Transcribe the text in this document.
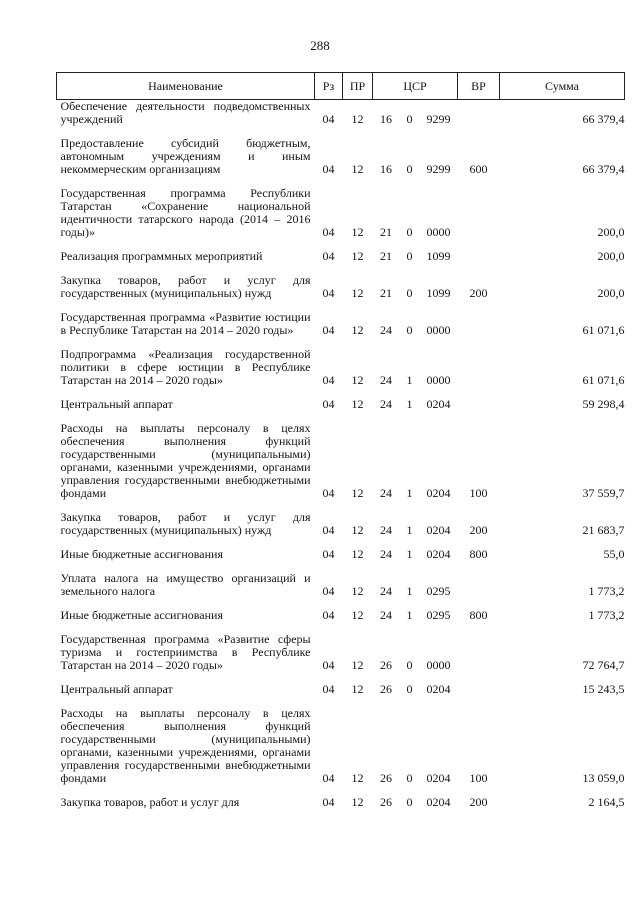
288
Наименование	Рз	ПР	ЦСР			ВР	Сумма
Обеспечение деятельности подведомственных учреждений	04	12	16	0	9299		66 379,4
Предоставление субсидий бюджетным, автономным учреждениям и иным некоммерческим организациям	04	12	16	0	9299	600	66 379,4
Государственная программа Республики Татарстан «Сохранение национальной идентичности татарского народа (2014 – 2016 годы)»	04	12	21	0	0000		200,0
Реализация программных мероприятий	04	12	21	0	1099		200,0
Закупка товаров, работ и услуг для государственных (муниципальных) нужд	04	12	21	0	1099	200	200,0
Государственная программа «Развитие юстиции в Республике Татарстан на 2014 – 2020 годы»	04	12	24	0	0000		61 071,6
Подпрограмма «Реализация государственной политики в сфере юстиции в Республике Татарстан на 2014 – 2020 годы»	04	12	24	1	0000		61 071,6
Центральный аппарат	04	12	24	1	0204		59 298,4
Расходы на выплаты персоналу в целях обеспечения выполнения функций государственными (муниципальными) органами, казенными учреждениями, органами управления государственными внебюджетными фондами	04	12	24	1	0204	100	37 559,7
Закупка товаров, работ и услуг для государственных (муниципальных) нужд	04	12	24	1	0204	200	21 683,7
Иные бюджетные ассигнования	04	12	24	1	0204	800	55,0
Уплата налога на имущество организаций и земельного налога	04	12	24	1	0295		1 773,2
Иные бюджетные ассигнования	04	12	24	1	0295	800	1 773,2
Государственная программа «Развитие сферы туризма и гостеприимства в Республике Татарстан на 2014 – 2020 годы»	04	12	26	0	0000		72 764,7
Центральный аппарат	04	12	26	0	0204		15 243,5
Расходы на выплаты персоналу в целях обеспечения выполнения функций государственными (муниципальными) органами, казенными учреждениями, органами управления государственными внебюджетными фондами	04	12	26	0	0204	100	13 059,0
Закупка товаров, работ и услуг для	04	12	26	0	0204	200	2 164,5
